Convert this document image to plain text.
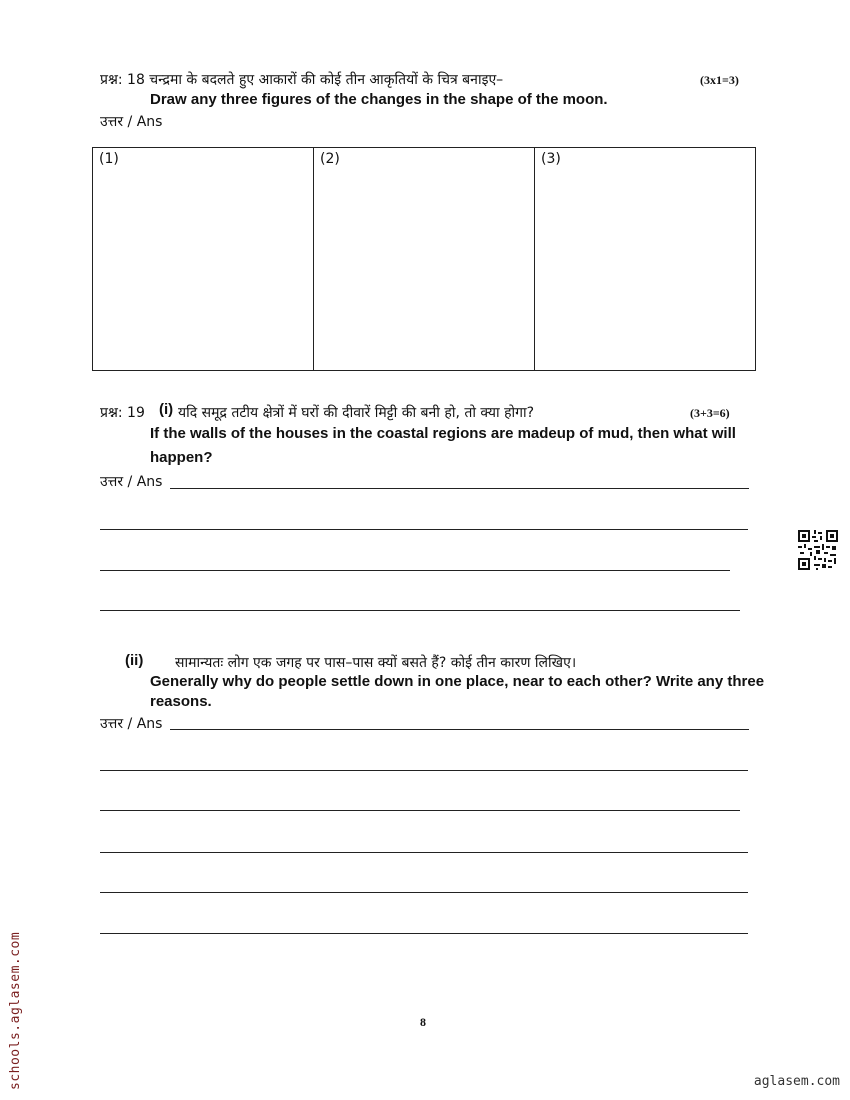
प्रश्न: 18 चन्द्रमा के बदलते हुए आकारों की कोई तीन आकृतियों के चित्र बनाइए–	(3x1=3)
Draw any three figures of the changes in the shape of the moon.
उत्तर / Ans
(1)	(2)	(3)
प्रश्न: 19 (i) यदि समूद्र तटीय क्षेत्रों में घरों की दीवारें मिट्टी की बनी हो, तो क्या होगा?	(3+3=6)
If the walls of the houses in the coastal regions are madeup of mud, then what will
happen?
उत्तर / Ans
(ii) सामान्यतः लोग एक जगह पर पास–पास क्यों बसते हैं? कोई तीन कारण लिखिए।
Generally why do people settle down in one place, near to each other? Write any three
reasons.
उत्तर / Ans
8
schools.aglasem.com	aglasem.com
